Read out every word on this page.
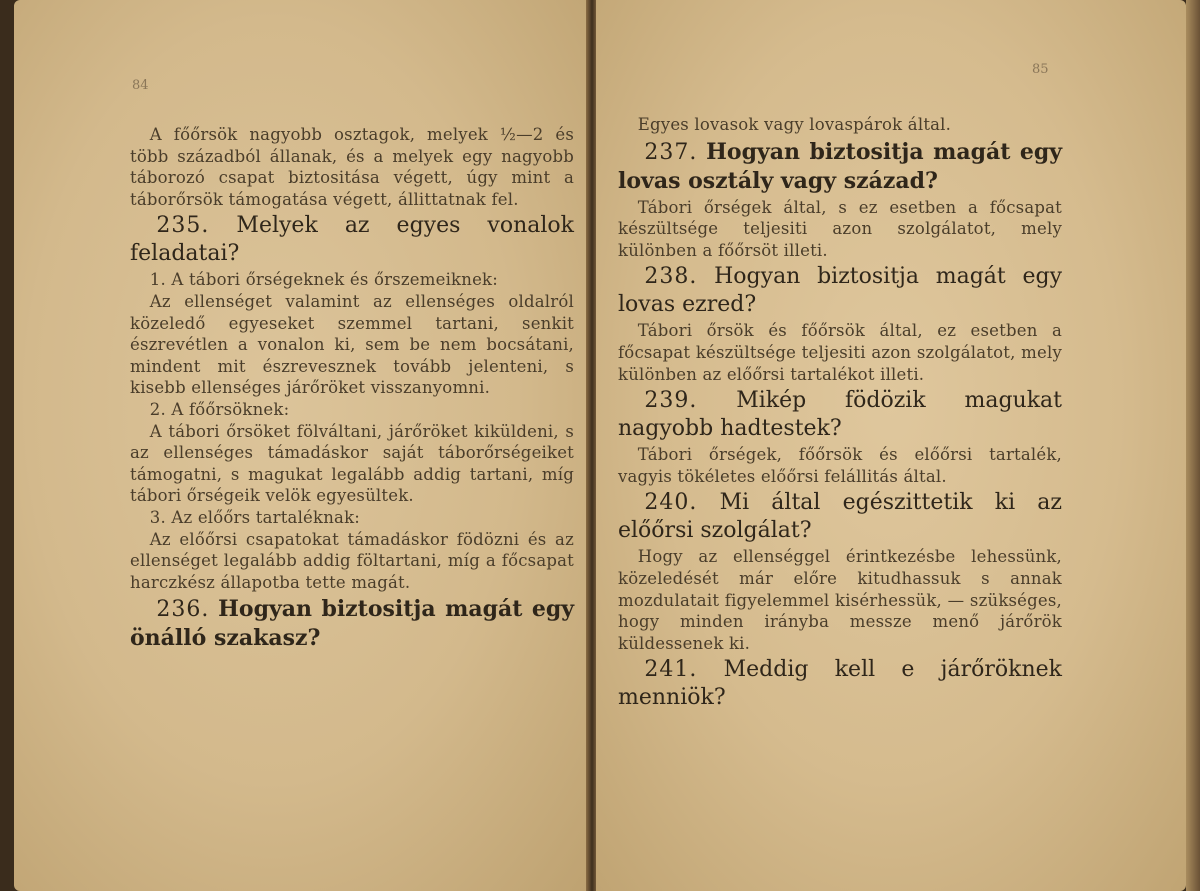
84

A főőrsök nagyobb osztagok, melyek ½—2 és több századból állanak, és a melyek egy nagyobb táborozó csapat biztositása végett, úgy mint a táborőrsök támogatása végett, állittatnak fel.

235. Melyek az egyes vonalok feladatai?

1. A tábori őrségeknek és őrszemeiknek:

Az ellenséget valamint az ellenséges oldalról közeledő egyeseket szemmel tartani, senkit észrevétlen a vonalon ki, sem be nem bocsátani, mindent mit észrevesznek tovább jelenteni, s kisebb ellenséges járőröket visszanyomni.

2. A főőrsöknek:

A tábori őrsöket fölváltani, járőröket kiküldeni, s az ellenséges támadáskor saját táborőrségeiket támogatni, s magukat legalább addig tartani, míg tábori őrségeik velök egyesültek.

3. Az előőrs tartaléknak:

Az előőrsi csapatokat támadáskor födözni és az ellenséget legalább addig föltartani, míg a főcsapat harczkész állapotba tette magát.

236. Hogyan biztositja magát egy önálló szakasz?

85

Egyes lovasok vagy lovaspárok által.

237. Hogyan biztositja magát egy lovas osztály vagy század?

Tábori őrségek által, s ez esetben a főcsapat készültsége teljesiti azon szolgálatot, mely különben a főőrsöt illeti.

238. Hogyan biztositja magát egy lovas ezred?

Tábori őrsök és főőrsök által, ez esetben a főcsapat készültsége teljesiti azon szolgálatot, mely különben az előőrsi tartalékot illeti.

239. Mikép födözik magukat nagyobb hadtestek?

Tábori őrségek, főőrsök és előőrsi tartalék, vagyis tökéletes előőrsi felállitás által.

240. Mi által egészittetik ki az előőrsi szolgálat?

Hogy az ellenséggel érintkezésbe lehessünk, közeledését már előre kitudhassuk s annak mozdulatait figyelemmel kisérhessük, — szükséges, hogy minden irányba messze menő járőrök küldessenek ki.

241. Meddig kell e járőröknek menniök?
